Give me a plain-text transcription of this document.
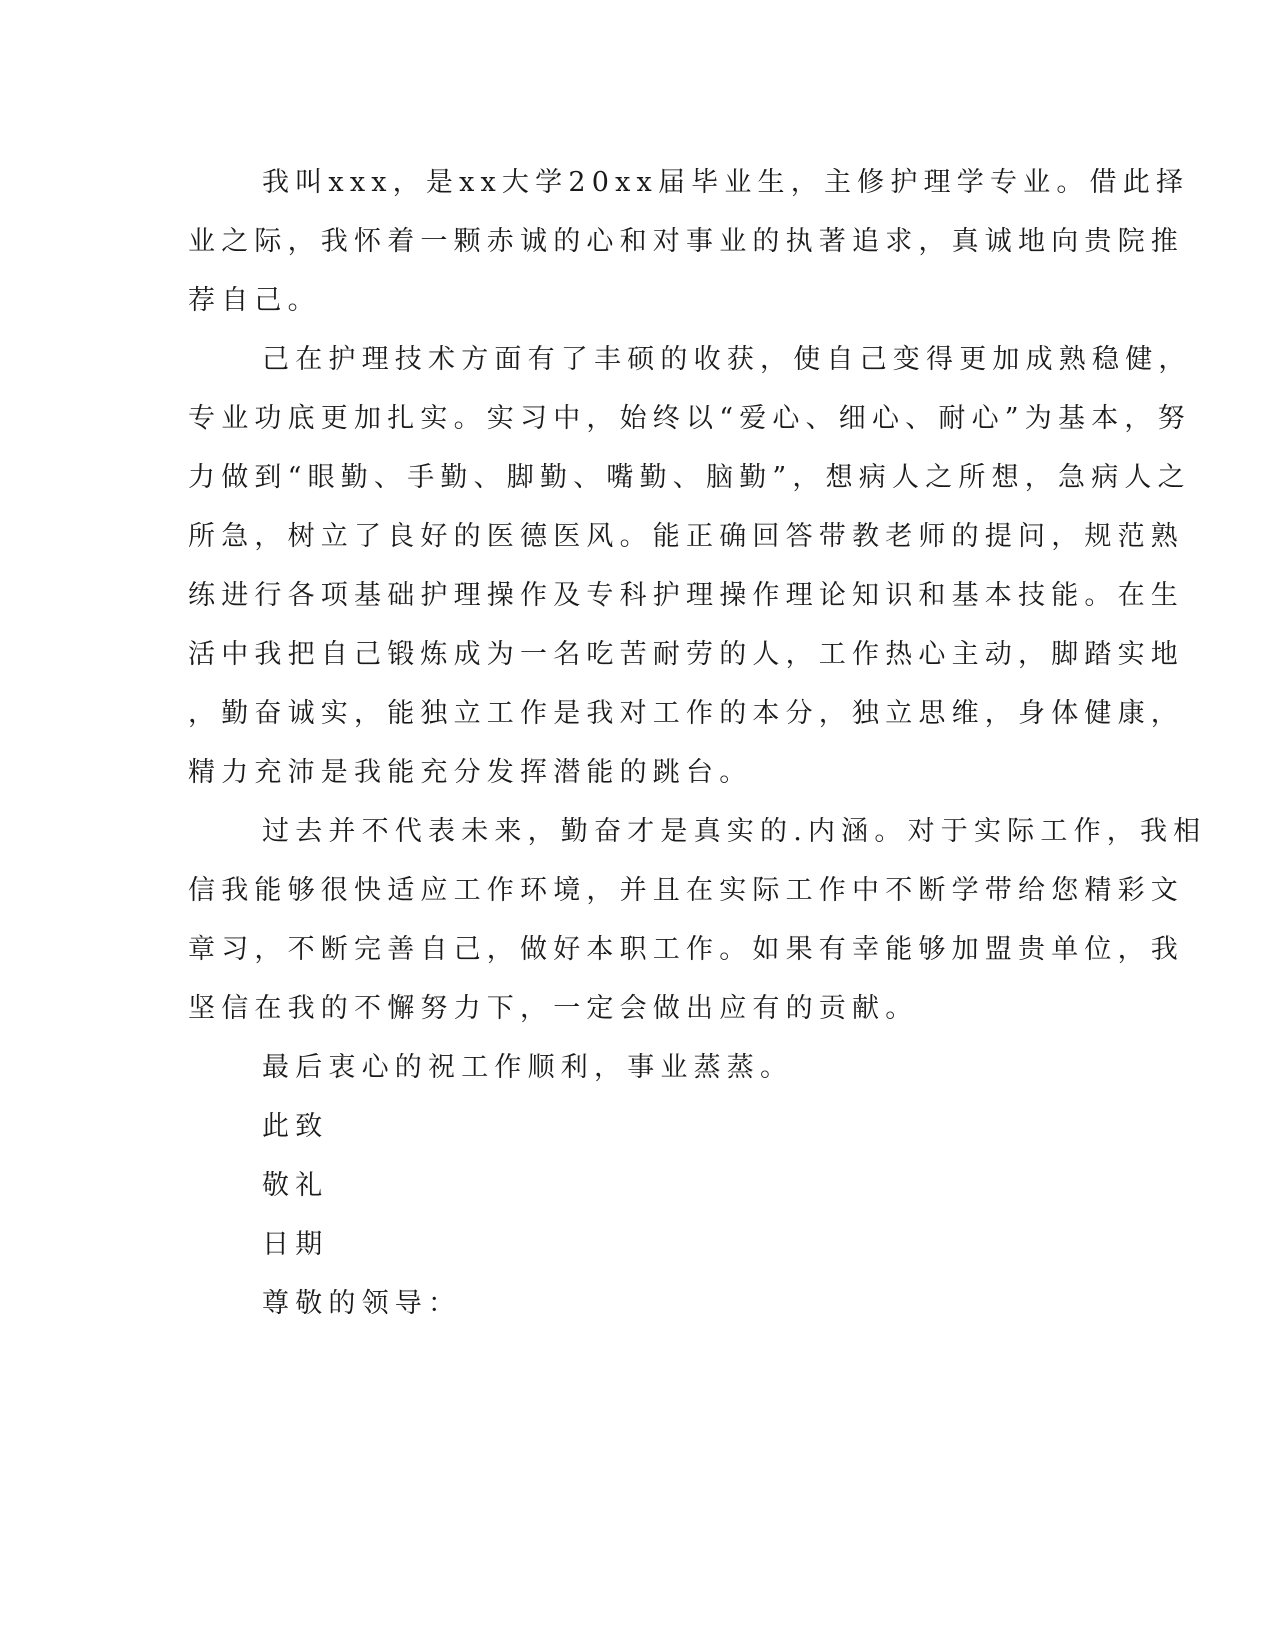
我叫xxx，是xx大学20xx届毕业生，主修护理学专业。借此择
业之际，我怀着一颗赤诚的心和对事业的执著追求，真诚地向贵院推
荐自己。
己在护理技术方面有了丰硕的收获，使自己变得更加成熟稳健，
专业功底更加扎实。实习中，始终以“爱心、细心、耐心”为基本，努
力做到“眼勤、手勤、脚勤、嘴勤、脑勤”，想病人之所想，急病人之
所急，树立了良好的医德医风。能正确回答带教老师的提问，规范熟
练进行各项基础护理操作及专科护理操作理论知识和基本技能。在生
活中我把自己锻炼成为一名吃苦耐劳的人，工作热心主动，脚踏实地
，勤奋诚实，能独立工作是我对工作的本分，独立思维，身体健康，
精力充沛是我能充分发挥潜能的跳台。
过去并不代表未来，勤奋才是真实的.内涵。对于实际工作，我相
信我能够很快适应工作环境，并且在实际工作中不断学带给您精彩文
章习，不断完善自己，做好本职工作。如果有幸能够加盟贵单位，我
坚信在我的不懈努力下，一定会做出应有的贡献。
最后衷心的祝工作顺利，事业蒸蒸。
此致
敬礼
日期
尊敬的领导：
